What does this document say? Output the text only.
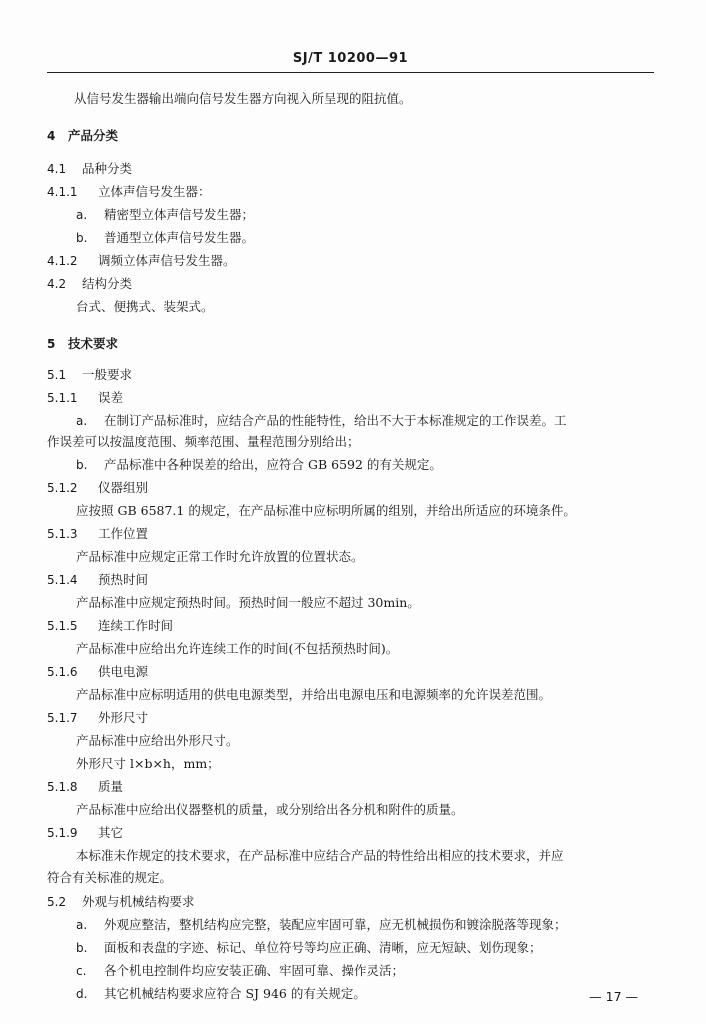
SJ/T 10200—91
从信号发生器输出端向信号发生器方向视入所呈现的阻抗值。
4 产品分类
4.1 品种分类
4.1.1 立体声信号发生器：
a. 精密型立体声信号发生器；
b. 普通型立体声信号发生器。
4.1.2 调频立体声信号发生器。
4.2 结构分类
台式、便携式、装架式。
5 技术要求
5.1 一般要求
5.1.1 误差
a. 在制订产品标准时，应结合产品的性能特性，给出不大于本标准规定的工作误差。工
作误差可以按温度范围、频率范围、量程范围分别给出；
b. 产品标准中各种误差的给出，应符合 GB 6592 的有关规定。
5.1.2 仪器组别
应按照 GB 6587.1 的规定，在产品标准中应标明所属的组别，并给出所适应的环境条件。
5.1.3 工作位置
产品标准中应规定正常工作时允许放置的位置状态。
5.1.4 预热时间
产品标准中应规定预热时间。预热时间一般应不超过 30min。
5.1.5 连续工作时间
产品标准中应给出允许连续工作的时间(不包括预热时间)。
5.1.6 供电电源
产品标准中应标明适用的供电电源类型，并给出电源电压和电源频率的允许误差范围。
5.1.7 外形尺寸
产品标准中应给出外形尺寸。
外形尺寸 l×b×h，mm；
5.1.8 质量
产品标准中应给出仪器整机的质量，或分别给出各分机和附件的质量。
5.1.9 其它
本标准未作规定的技术要求，在产品标准中应结合产品的特性给出相应的技术要求，并应
符合有关标准的规定。
5.2 外观与机械结构要求
a. 外观应整洁，整机结构应完整，装配应牢固可靠，应无机械损伤和镀涂脱落等现象；
b. 面板和表盘的字迹、标记、单位符号等均应正确、清晰，应无短缺、划伤现象；
c. 各个机电控制件均应安装正确、牢固可靠、操作灵活；
d. 其它机械结构要求应符合 SJ 946 的有关规定。	— 17 —
